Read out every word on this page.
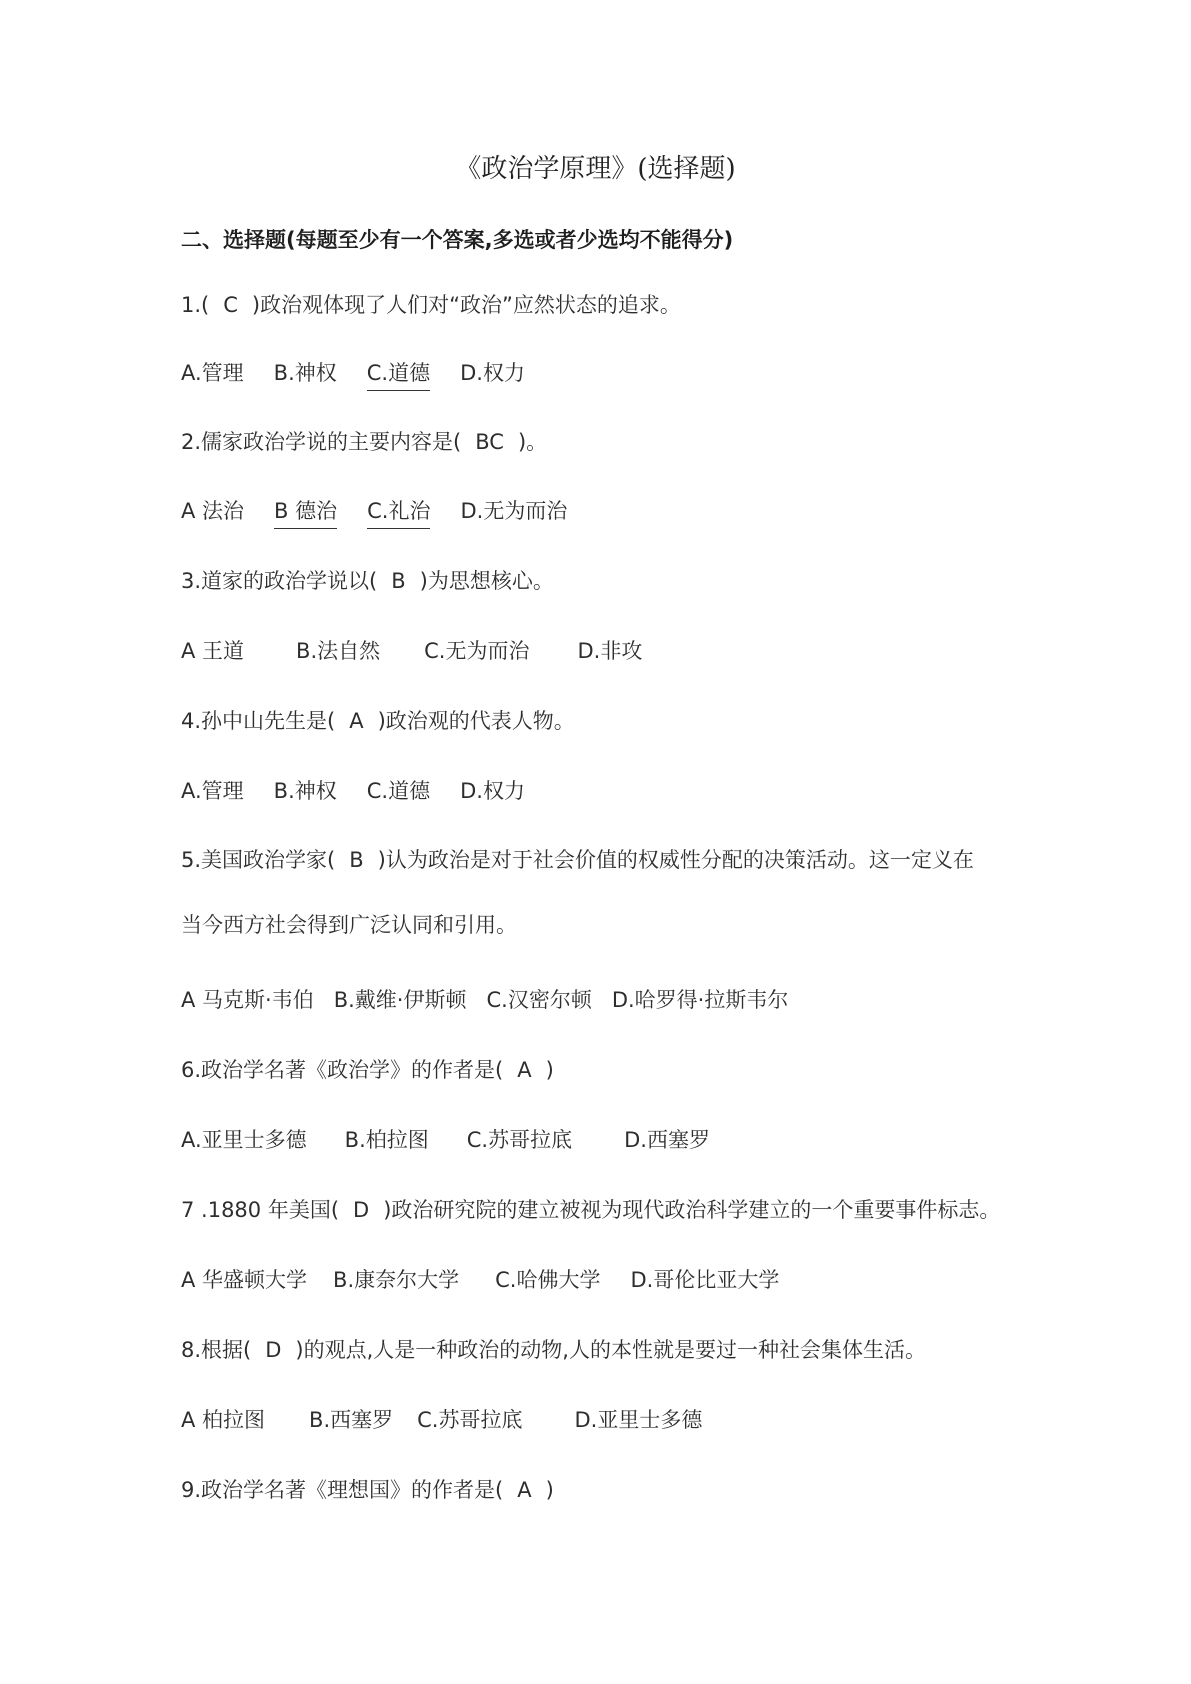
《政治学原理》(选择题)
二、选择题(每题至少有一个答案,多选或者少选均不能得分)
1.( C )政治观体现了人们对“政治”应然状态的追求。
A.管理 B.神权 C.道德 D.权力
2.儒家政治学说的主要内容是( BC )。
A 法治 B 德治 C.礼治 D.无为而治
3.道家的政治学说以( B )为思想核心。
A 王道 B.法自然 C.无为而治 D.非攻
4.孙中山先生是( A )政治观的代表人物。
A.管理 B.神权 C.道德 D.权力
5.美国政治学家( B )认为政治是对于社会价值的权威性分配的决策活动。这一定义在
当今西方社会得到广泛认同和引用。
A 马克斯·韦伯 B.戴维·伊斯顿 C.汉密尔顿 D.哈罗得·拉斯韦尔
6.政治学名著《政治学》的作者是( A )
A.亚里士多德 B.柏拉图 C.苏哥拉底 D.西塞罗
7 .1880 年美国( D )政治研究院的建立被视为现代政治科学建立的一个重要事件标志。
A 华盛顿大学 B.康奈尔大学 C.哈佛大学 D.哥伦比亚大学
8.根据( D )的观点,人是一种政治的动物,人的本性就是要过一种社会集体生活。
A 柏拉图 B.西塞罗 C.苏哥拉底 D.亚里士多德
9.政治学名著《理想国》的作者是( A )
